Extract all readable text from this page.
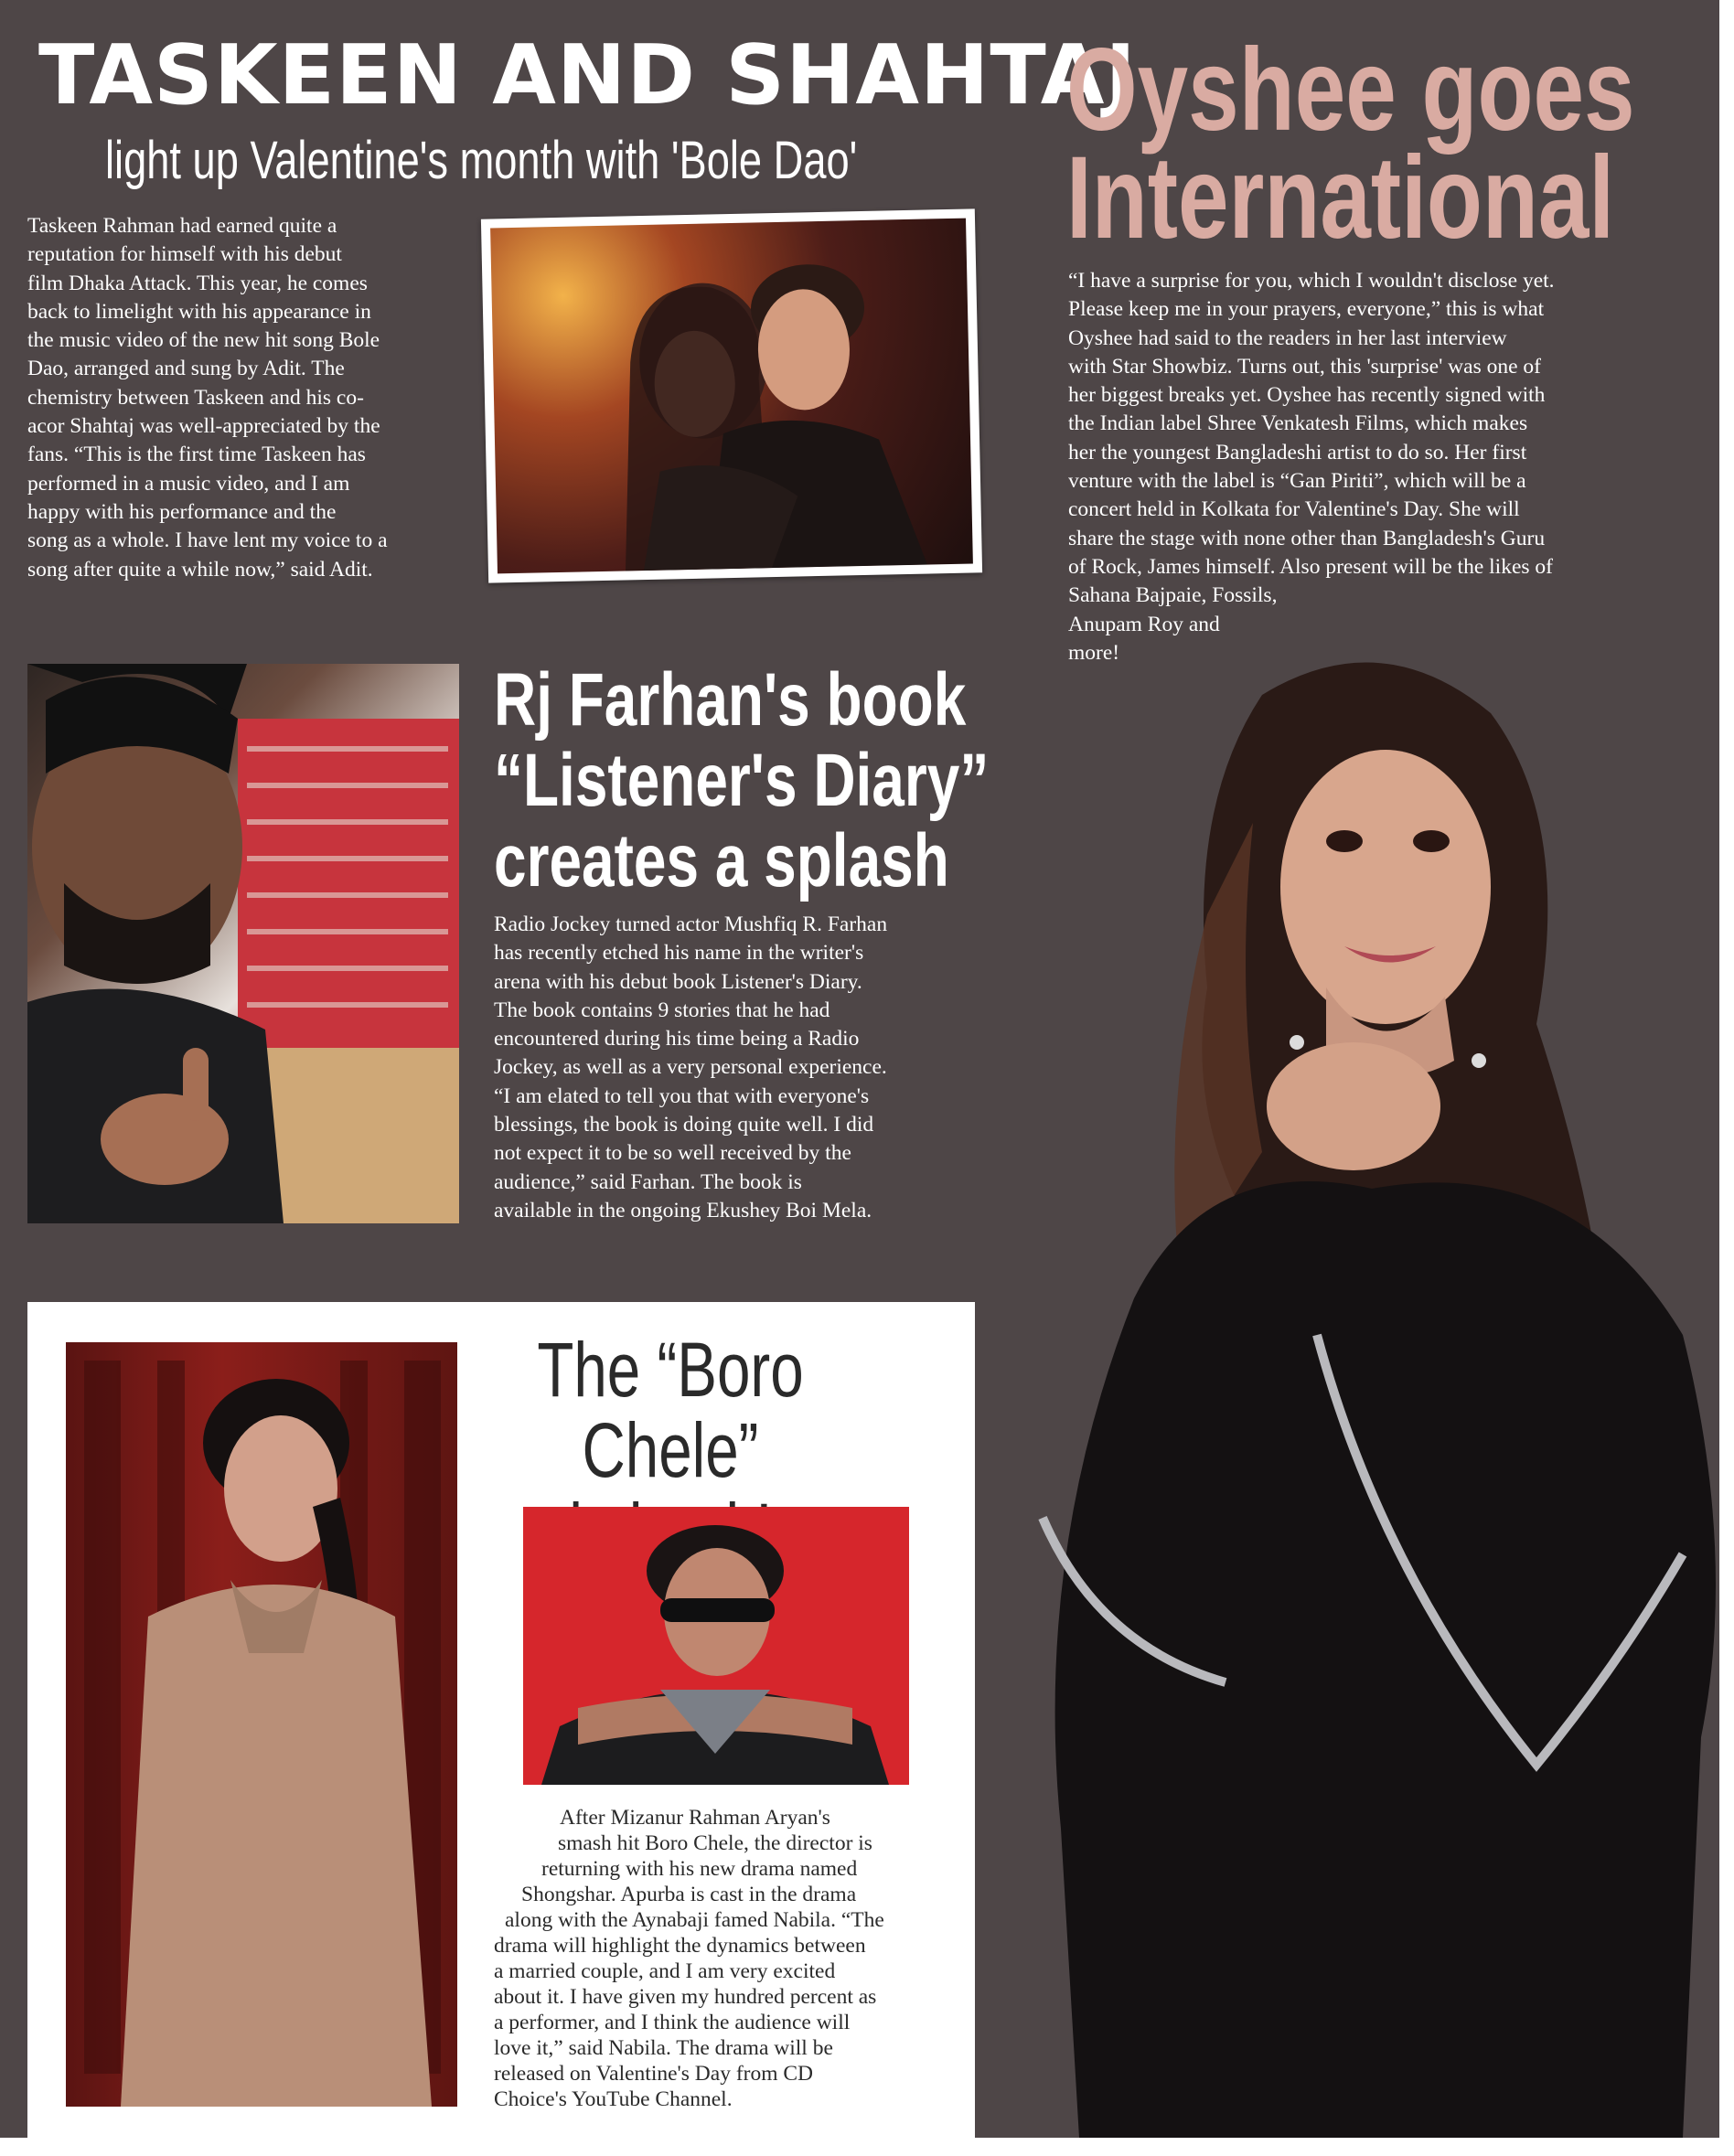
TASKEEN AND SHAHTAJ
light up Valentine's month with 'Bole Dao'
Taskeen Rahman had earned quite a
reputation for himself with his debut
film Dhaka Attack. This year, he comes
back to limelight with his appearance in
the music video of the new hit song Bole
Dao, arranged and sung by Adit. The
chemistry between Taskeen and his co-
acor Shahtaj was well-appreciated by the
fans. “This is the first time Taskeen has
performed in a music video, and I am
happy with his performance and the
song as a whole. I have lent my voice to a
song after quite a while now,” said Adit.
Oyshee goes
International
“I have a surprise for you, which I wouldn't disclose yet.
Please keep me in your prayers, everyone,” this is what
Oyshee had said to the readers in her last interview
with Star Showbiz. Turns out, this 'surprise' was one of
her biggest breaks yet. Oyshee has recently signed with
the Indian label Shree Venkatesh Films, which makes
her the youngest Bangladeshi artist to do so. Her first
venture with the label is “Gan Piriti”, which will be a
concert held in Kolkata for Valentine's Day. She will
share the stage with none other than Bangladesh's Guru
of Rock, James himself. Also present will be the likes of
Sahana Bajpaie, Fossils,
Anupam Roy and
more!
Rj Farhan's book
“Listener's Diary”
creates a splash
Radio Jockey turned actor Mushfiq R. Farhan
has recently etched his name in the writer's
arena with his debut book Listener's Diary.
The book contains 9 stories that he had
encountered during his time being a Radio
Jockey, as well as a very personal experience.
“I am elated to tell you that with everyone's
blessings, the book is doing quite well. I did
not expect it to be so well received by the
audience,” said Farhan. The book is
available in the ongoing Ekushey Boi Mela.
The “Boro Chele”
After Mizanur Rahman Aryan's
smash hit Boro Chele, the director is
returning with his new drama named
Shongshar. Apurba is cast in the drama
along with the Aynabaji famed Nabila. “The
drama will highlight the dynamics between
a married couple, and I am very excited
about it. I have given my hundred percent as
a performer, and I think the audience will
love it,” said Nabila. The drama will be
released on Valentine's Day from CD
Choice's YouTube Channel.
